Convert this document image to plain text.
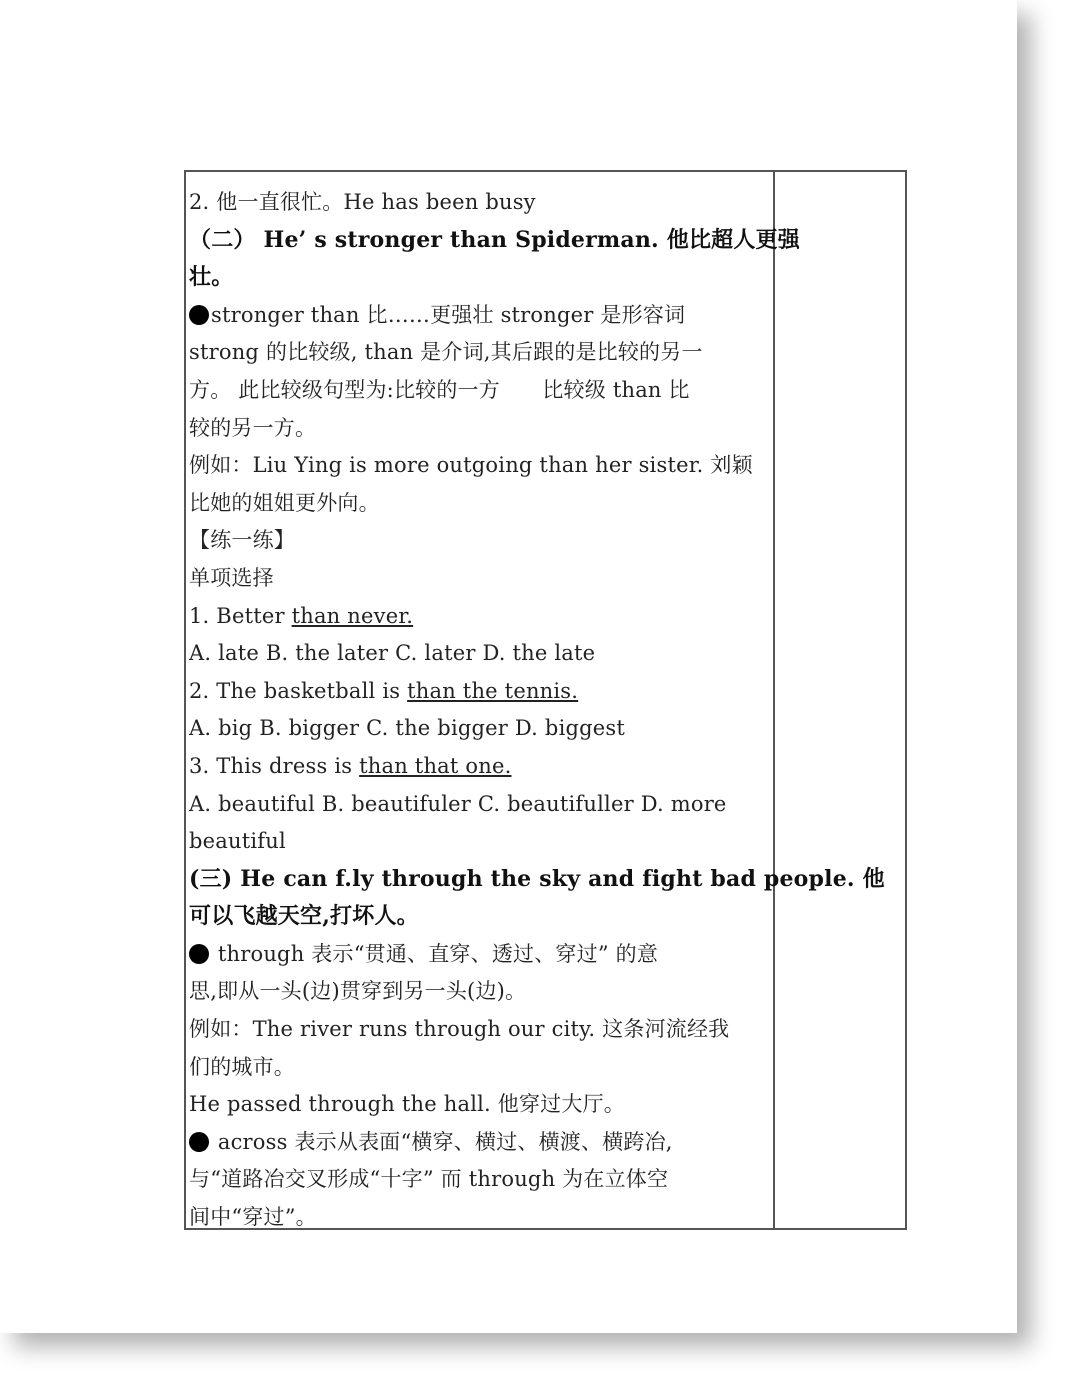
2. 他一直很忙。He has been busy
（二） He’ s stronger than Spiderman. 他比超人更强
壮。
stronger than 比……更强壮 stronger 是形容词
strong 的比较级, than 是介词,其后跟的是比较的另一
方。 此比较级句型为:比较的一方　　比较级 than 比
较的另一方。
例如：Liu Ying is more outgoing than her sister. 刘颖
比她的姐姐更外向。
【练一练】
单项选择
1. Better than never.
A. late B. the later C. later D. the late
2. The basketball is than the tennis.
A. big B. bigger C. the bigger D. biggest
3. This dress is than that one.
A. beautiful B. beautifuler C. beautifuller D. more
beautiful
(三) He can f.ly through the sky and fight bad people. 他
可以飞越天空,打坏人。
through 表示“贯通、直穿、透过、穿过” 的意
思,即从一头(边)贯穿到另一头(边)。
例如：The river runs through our city. 这条河流经我
们的城市。
He passed through the hall. 他穿过大厅。
across 表示从表面“横穿、横过、横渡、横跨冶,
与“道路冶交叉形成“十字” 而 through 为在立体空
间中“穿过”。
